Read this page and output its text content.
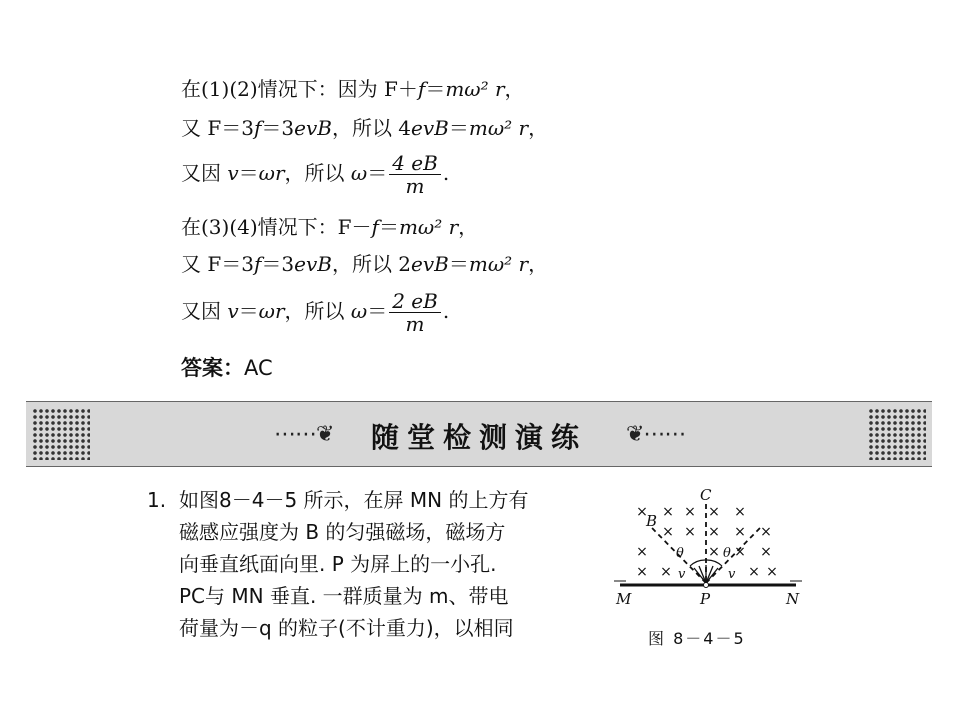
在(1)(2)情况下：因为 F＋f＝mω² r，
又 F＝3f＝3evB，所以 4evB＝mω² r，
又因 v＝ωr，所以 $\omega= \frac{4 eB}{m}$ .
在(3)(4)情况下：F－f＝mω² r，
又 F＝3f＝3evB，所以 2evB＝mω² r，
又因 v＝ωr，所以 $\omega= \frac{2 eB}{m}$ .
答案：AC
⋯⋯❦	随堂检测演练	❦⋯⋯
1. 如图8－4－5 所示，在屏 MN 的上方有
磁感应强度为 B 的匀强磁场，磁场方
向垂直纸面向里. P 为屏上的一小孔.
PC与 MN 垂直. 一群质量为 m、带电
荷量为－q 的粒子(不计重力)，以相同
× × × × ×
× × × × ×
×	× × ×
× ×	× ×
C
B
M	P	N
θ	θ
v	v
图 8－4－5
